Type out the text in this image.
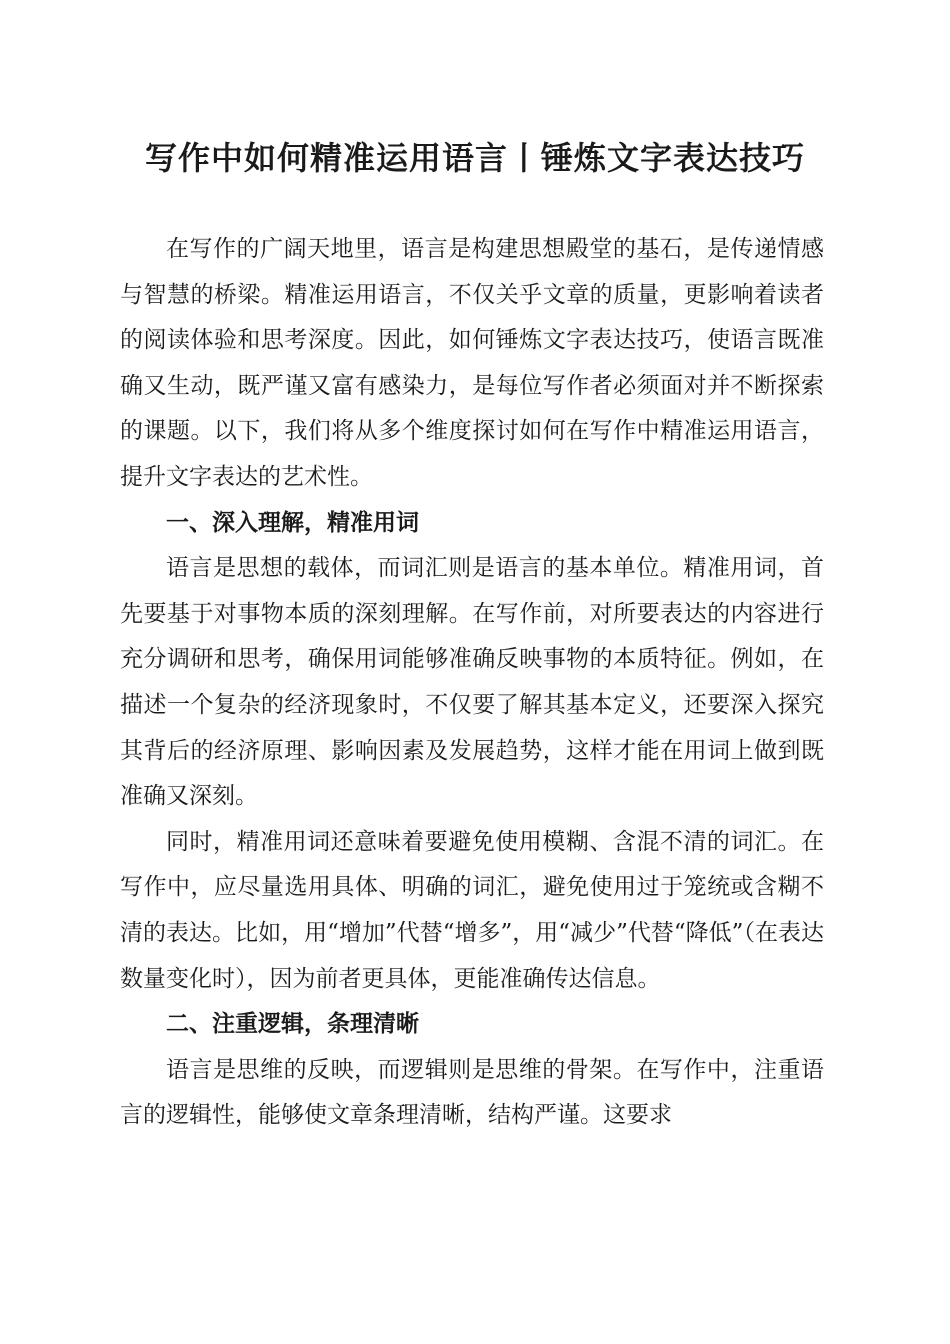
写作中如何精准运用语言丨锤炼文字表达技巧

在写作的广阔天地里，语言是构建思想殿堂的基石，是传递情感与智慧的桥梁。精准运用语言，不仅关乎文章的质量，更影响着读者的阅读体验和思考深度。因此，如何锤炼文字表达技巧，使语言既准确又生动，既严谨又富有感染力，是每位写作者必须面对并不断探索的课题。以下，我们将从多个维度探讨如何在写作中精准运用语言，提升文字表达的艺术性。

一、深入理解，精准用词

语言是思想的载体，而词汇则是语言的基本单位。精准用词，首先要基于对事物本质的深刻理解。在写作前，对所要表达的内容进行充分调研和思考，确保用词能够准确反映事物的本质特征。例如，在描述一个复杂的经济现象时，不仅要了解其基本定义，还要深入探究其背后的经济原理、影响因素及发展趋势，这样才能在用词上做到既准确又深刻。

同时，精准用词还意味着要避免使用模糊、含混不清的词汇。在写作中，应尽量选用具体、明确的词汇，避免使用过于笼统或含糊不清的表达。比如，用“增加”代替“增多”，用“减少”代替“降低”（在表达数量变化时），因为前者更具体，更能准确传达信息。

二、注重逻辑，条理清晰

语言是思维的反映，而逻辑则是思维的骨架。在写作中，注重语言的逻辑性，能够使文章条理清晰，结构严谨。这要求
